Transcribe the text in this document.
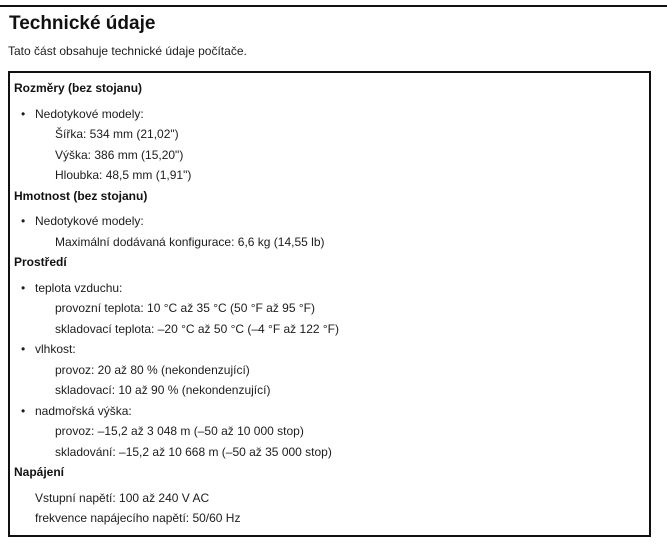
Technické údaje

Tato část obsahuje technické údaje počítače.

Rozměry (bez stojanu)
• Nedotykové modely:
Šířka: 534 mm (21,02")
Výška: 386 mm (15,20")
Hloubka: 48,5 mm (1,91")
Hmotnost (bez stojanu)
• Nedotykové modely:
Maximální dodávaná konfigurace: 6,6 kg (14,55 lb)
Prostředí
• teplota vzduchu:
provozní teplota: 10 °C až 35 °C (50 °F až 95 °F)
skladovací teplota: –20 °C až 50 °C (–4 °F až 122 °F)
• vlhkost:
provoz: 20 až 80 % (nekondenzující)
skladovací: 10 až 90 % (nekondenzující)
• nadmořská výška:
provoz: –15,2 až 3 048 m (–50 až 10 000 stop)
skladování: –15,2 až 10 668 m (–50 až 35 000 stop)
Napájení
Vstupní napětí: 100 až 240 V AC
frekvence napájecího napětí: 50/60 Hz
